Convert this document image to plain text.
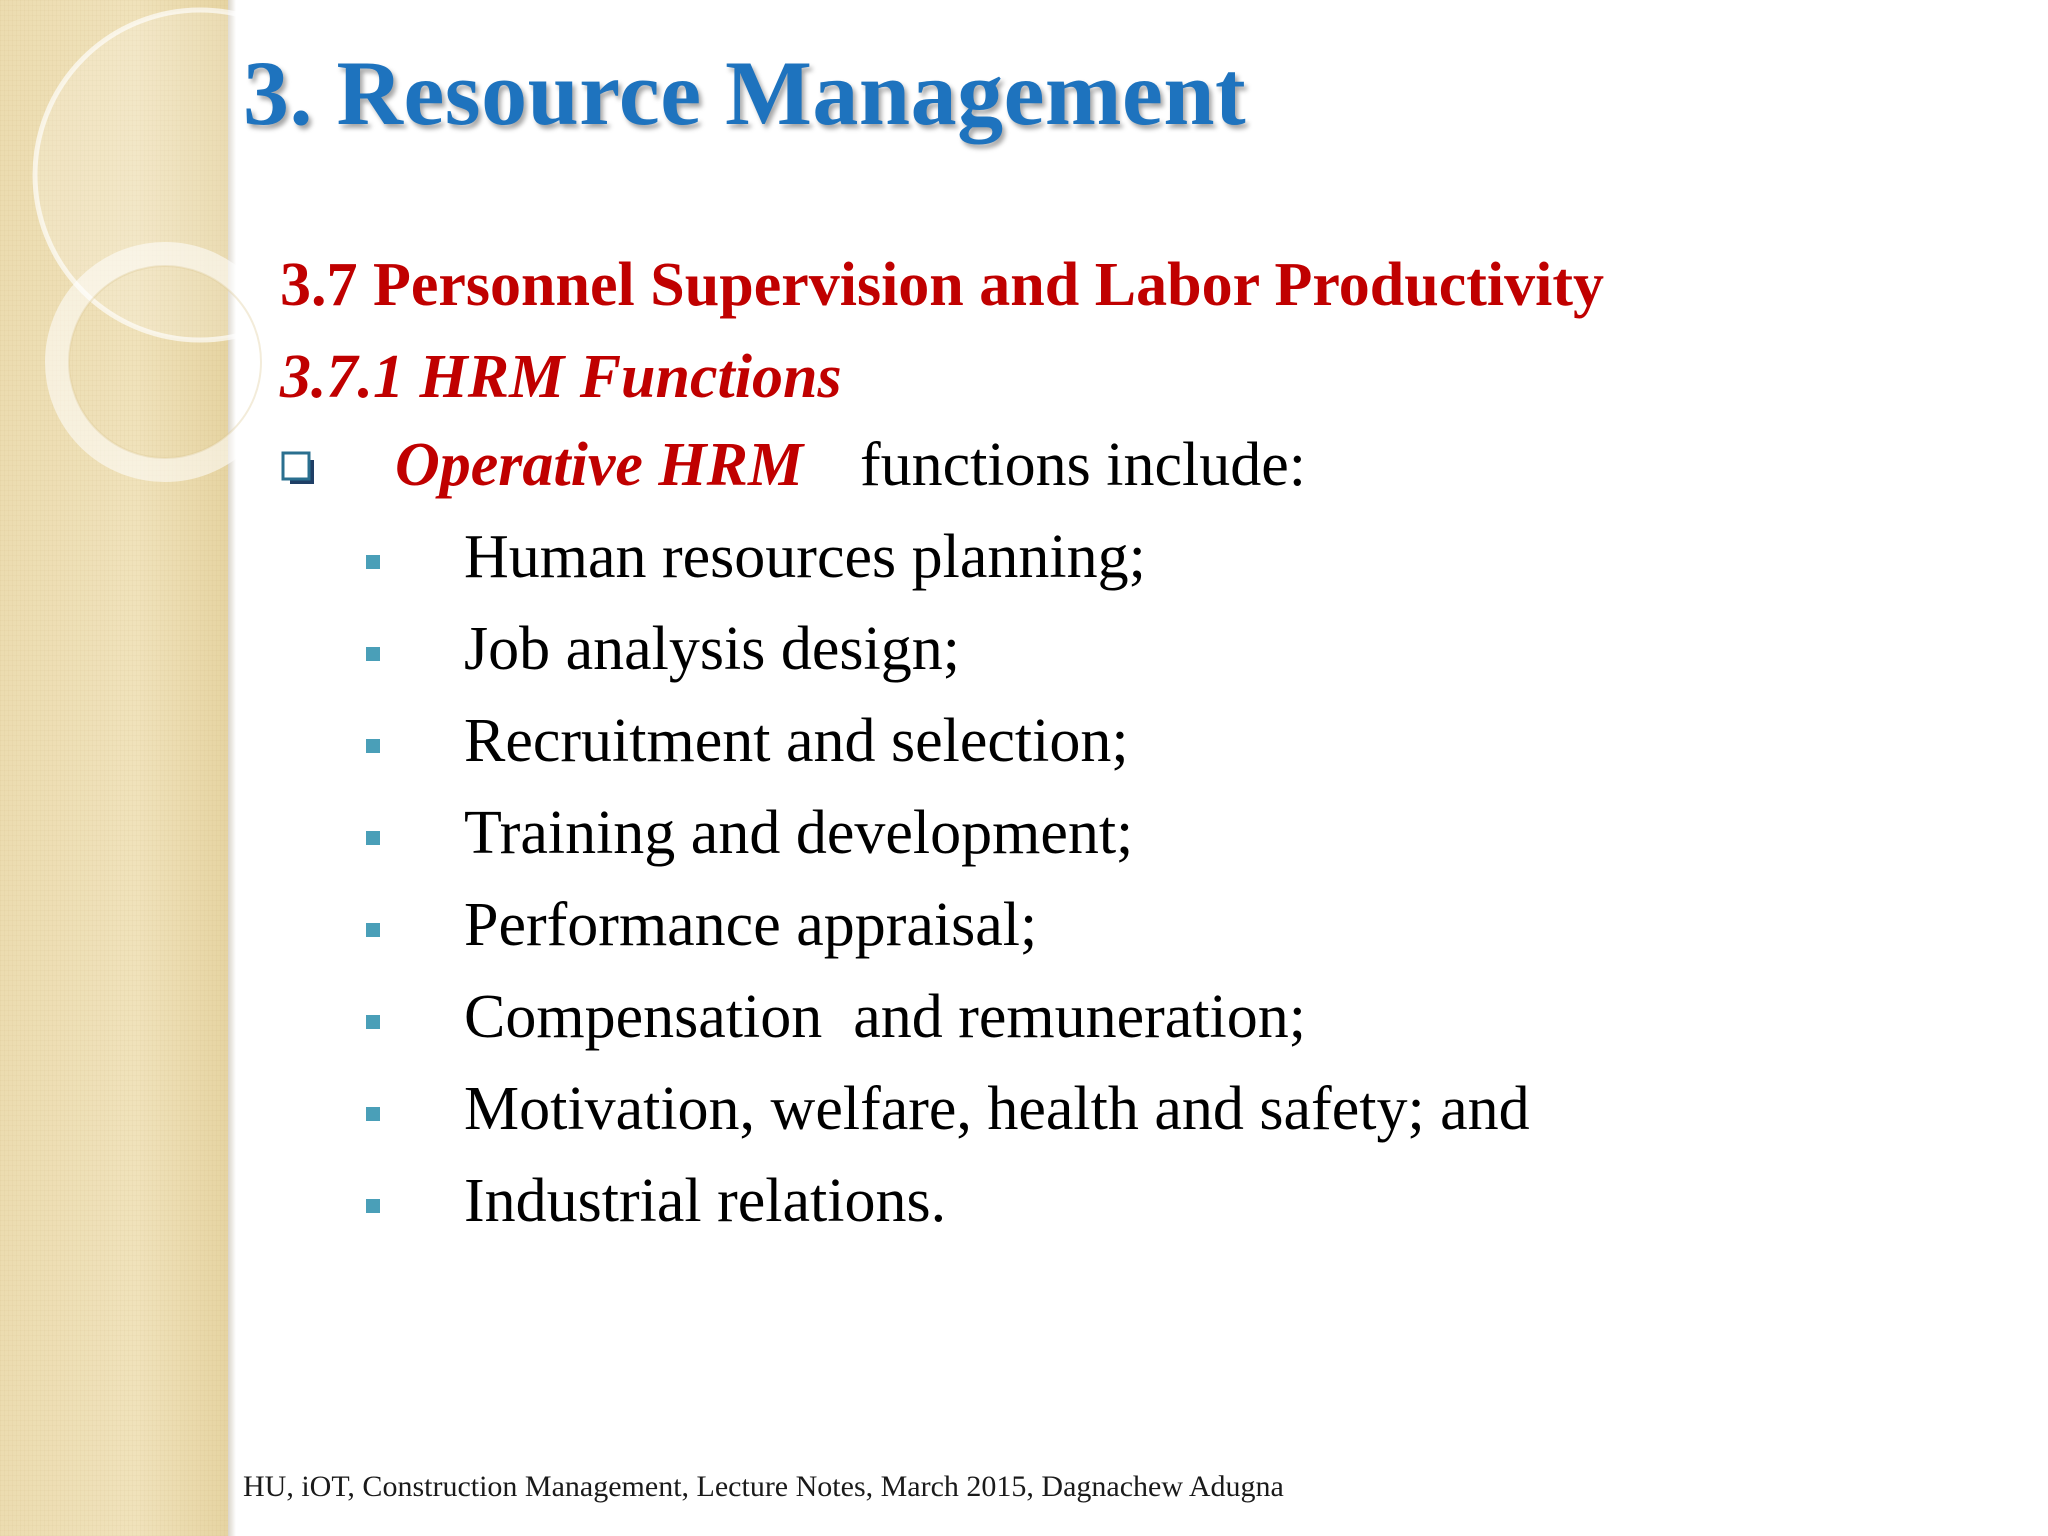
3. Resource Management
3.7 Personnel Supervision and Labor Productivity
3.7.1 HRM Functions
Operative HRM functions include:

Human resources planning;

Job analysis design;

Recruitment and selection;

Training and development;

Performance appraisal;

Compensation  and remuneration;

Motivation, welfare, health and safety; and

Industrial relations.

HU, iOT, Construction Management, Lecture Notes, March 2015, Dagnachew Adugna
